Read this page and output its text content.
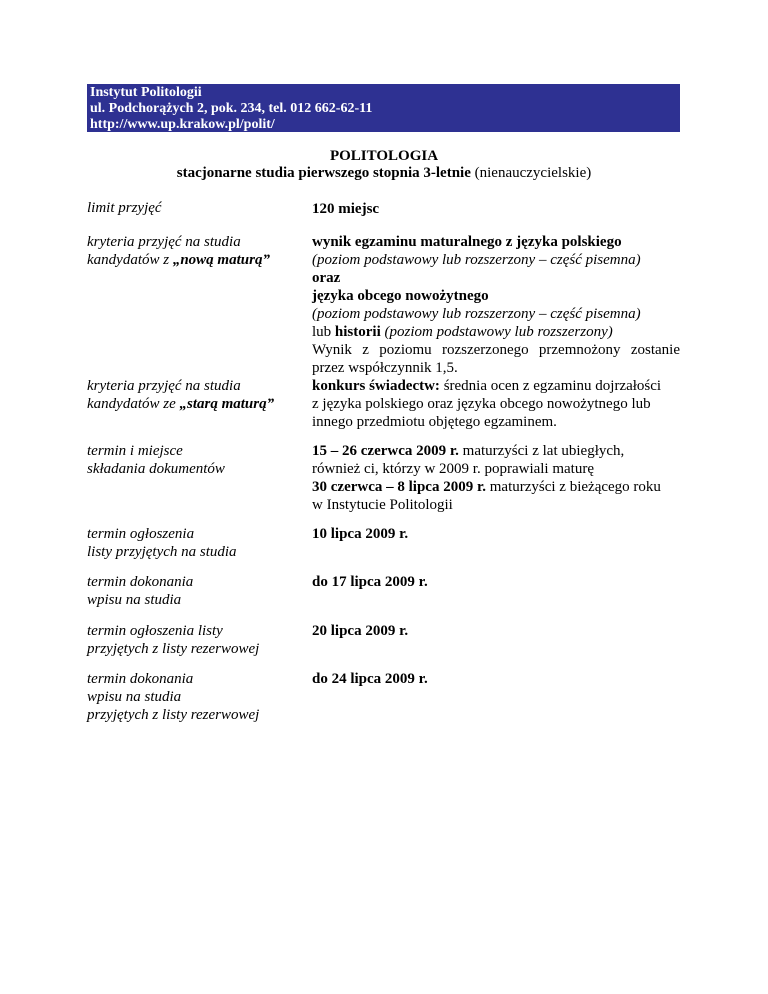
Instytut Politologii
ul. Podchorążych 2, pok. 234, tel. 012 662-62-11
http://www.up.krakow.pl/polit/
POLITOLOGIA
stacjonarne studia pierwszego stopnia 3-letnie (nienauczycielskie)
limit przyjęć	120 miejsc
kryteria przyjęć na studia
kandydatów z „nową maturą”
wynik egzaminu maturalnego z języka polskiego
(poziom podstawowy lub rozszerzony – część pisemna)
oraz
języka obcego nowożytnego
(poziom podstawowy lub rozszerzony – część pisemna)
lub historii (poziom podstawowy lub rozszerzony)
Wynik z poziomu rozszerzonego przemnożony zostanie
przez współczynnik 1,5.
kryteria przyjęć na studia
kandydatów ze „starą maturą”
konkurs świadectw: średnia ocen z egzaminu dojrzałości
z języka polskiego oraz języka obcego nowożytnego lub
innego przedmiotu objętego egzaminem.
termin i miejsce
składania dokumentów
15 – 26 czerwca 2009 r. maturzyści z lat ubiegłych,
również ci, którzy w 2009 r. poprawiali maturę
30 czerwca – 8 lipca 2009 r. maturzyści z bieżącego roku
w Instytucie Politologii
termin ogłoszenia
listy przyjętych na studia
10 lipca 2009 r.
termin dokonania
wpisu na studia
do 17 lipca 2009 r.
termin ogłoszenia listy
przyjętych z listy rezerwowej
20 lipca 2009 r.
termin dokonania
wpisu na studia
przyjętych z listy rezerwowej
do 24 lipca 2009 r.
